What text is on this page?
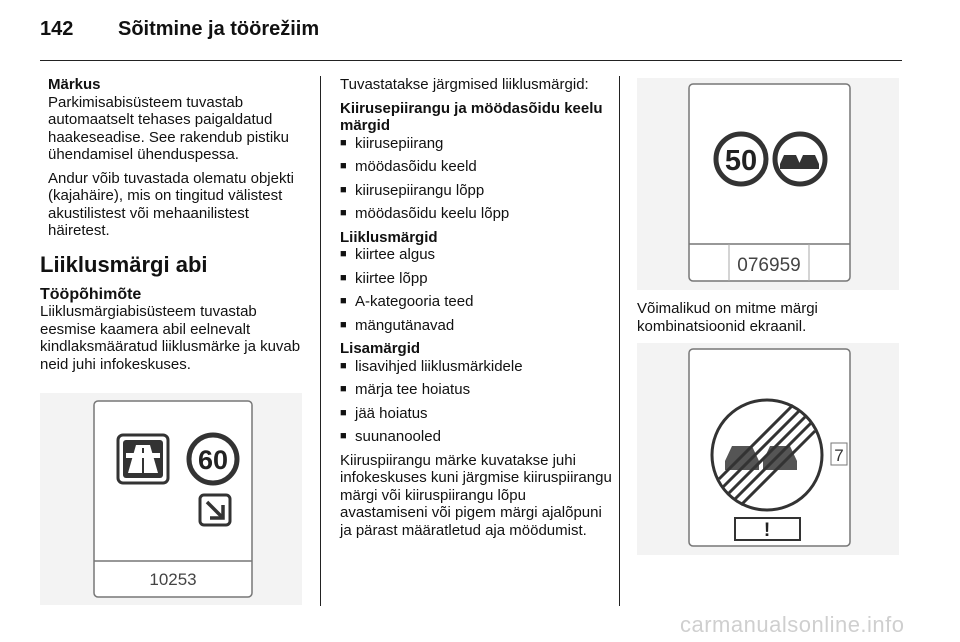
142 Sõitmine ja töörežiim
Märkus

Parkimisabisüsteem tuvastab automaatselt tehases paigaldatud haakeseadise. See rakendub pistiku ühendamisel ühenduspessa.

Andur võib tuvastada olematu objekti (kajahäire), mis on tingitud välistest akustilistest või mehaanilistest häiretest.

Liiklusmärgi abi
Tööpõhimõte

Liiklusmärgiabisüsteem tuvastab eesmise kaamera abil eelnevalt kindlaksmääratud liiklusmärke ja kuvab neid juhi infokeskuses.

60
10253

Tuvastatakse järgmised liiklusmärgid:

Kiirusepiirangu ja möödasõidu keelu märgid
■ kiirusepiirang
■ möödasõidu keeld
■ kiirusepiirangu lõpp
■ möödasõidu keelu lõpp
Liiklusmärgid
■ kiirtee algus
■ kiirtee lõpp
■ A-kategooria teed
■ mängutänavad
Lisamärgid
■ lisavihjed liiklusmärkidele
■ märja tee hoiatus
■ jää hoiatus
■ suunanooled

Kiiruspiirangu märke kuvatakse juhi infokeskuses kuni järgmise kiiruspiirangu märgi või kiiruspiirangu lõpu avastamiseni või pigem märgi ajalõpuni ja pärast määratletud aja möödumist.

50
076959

Võimalikud on mitme märgi kombinatsioonid ekraanil.

7
!
carmanualsonline.info
